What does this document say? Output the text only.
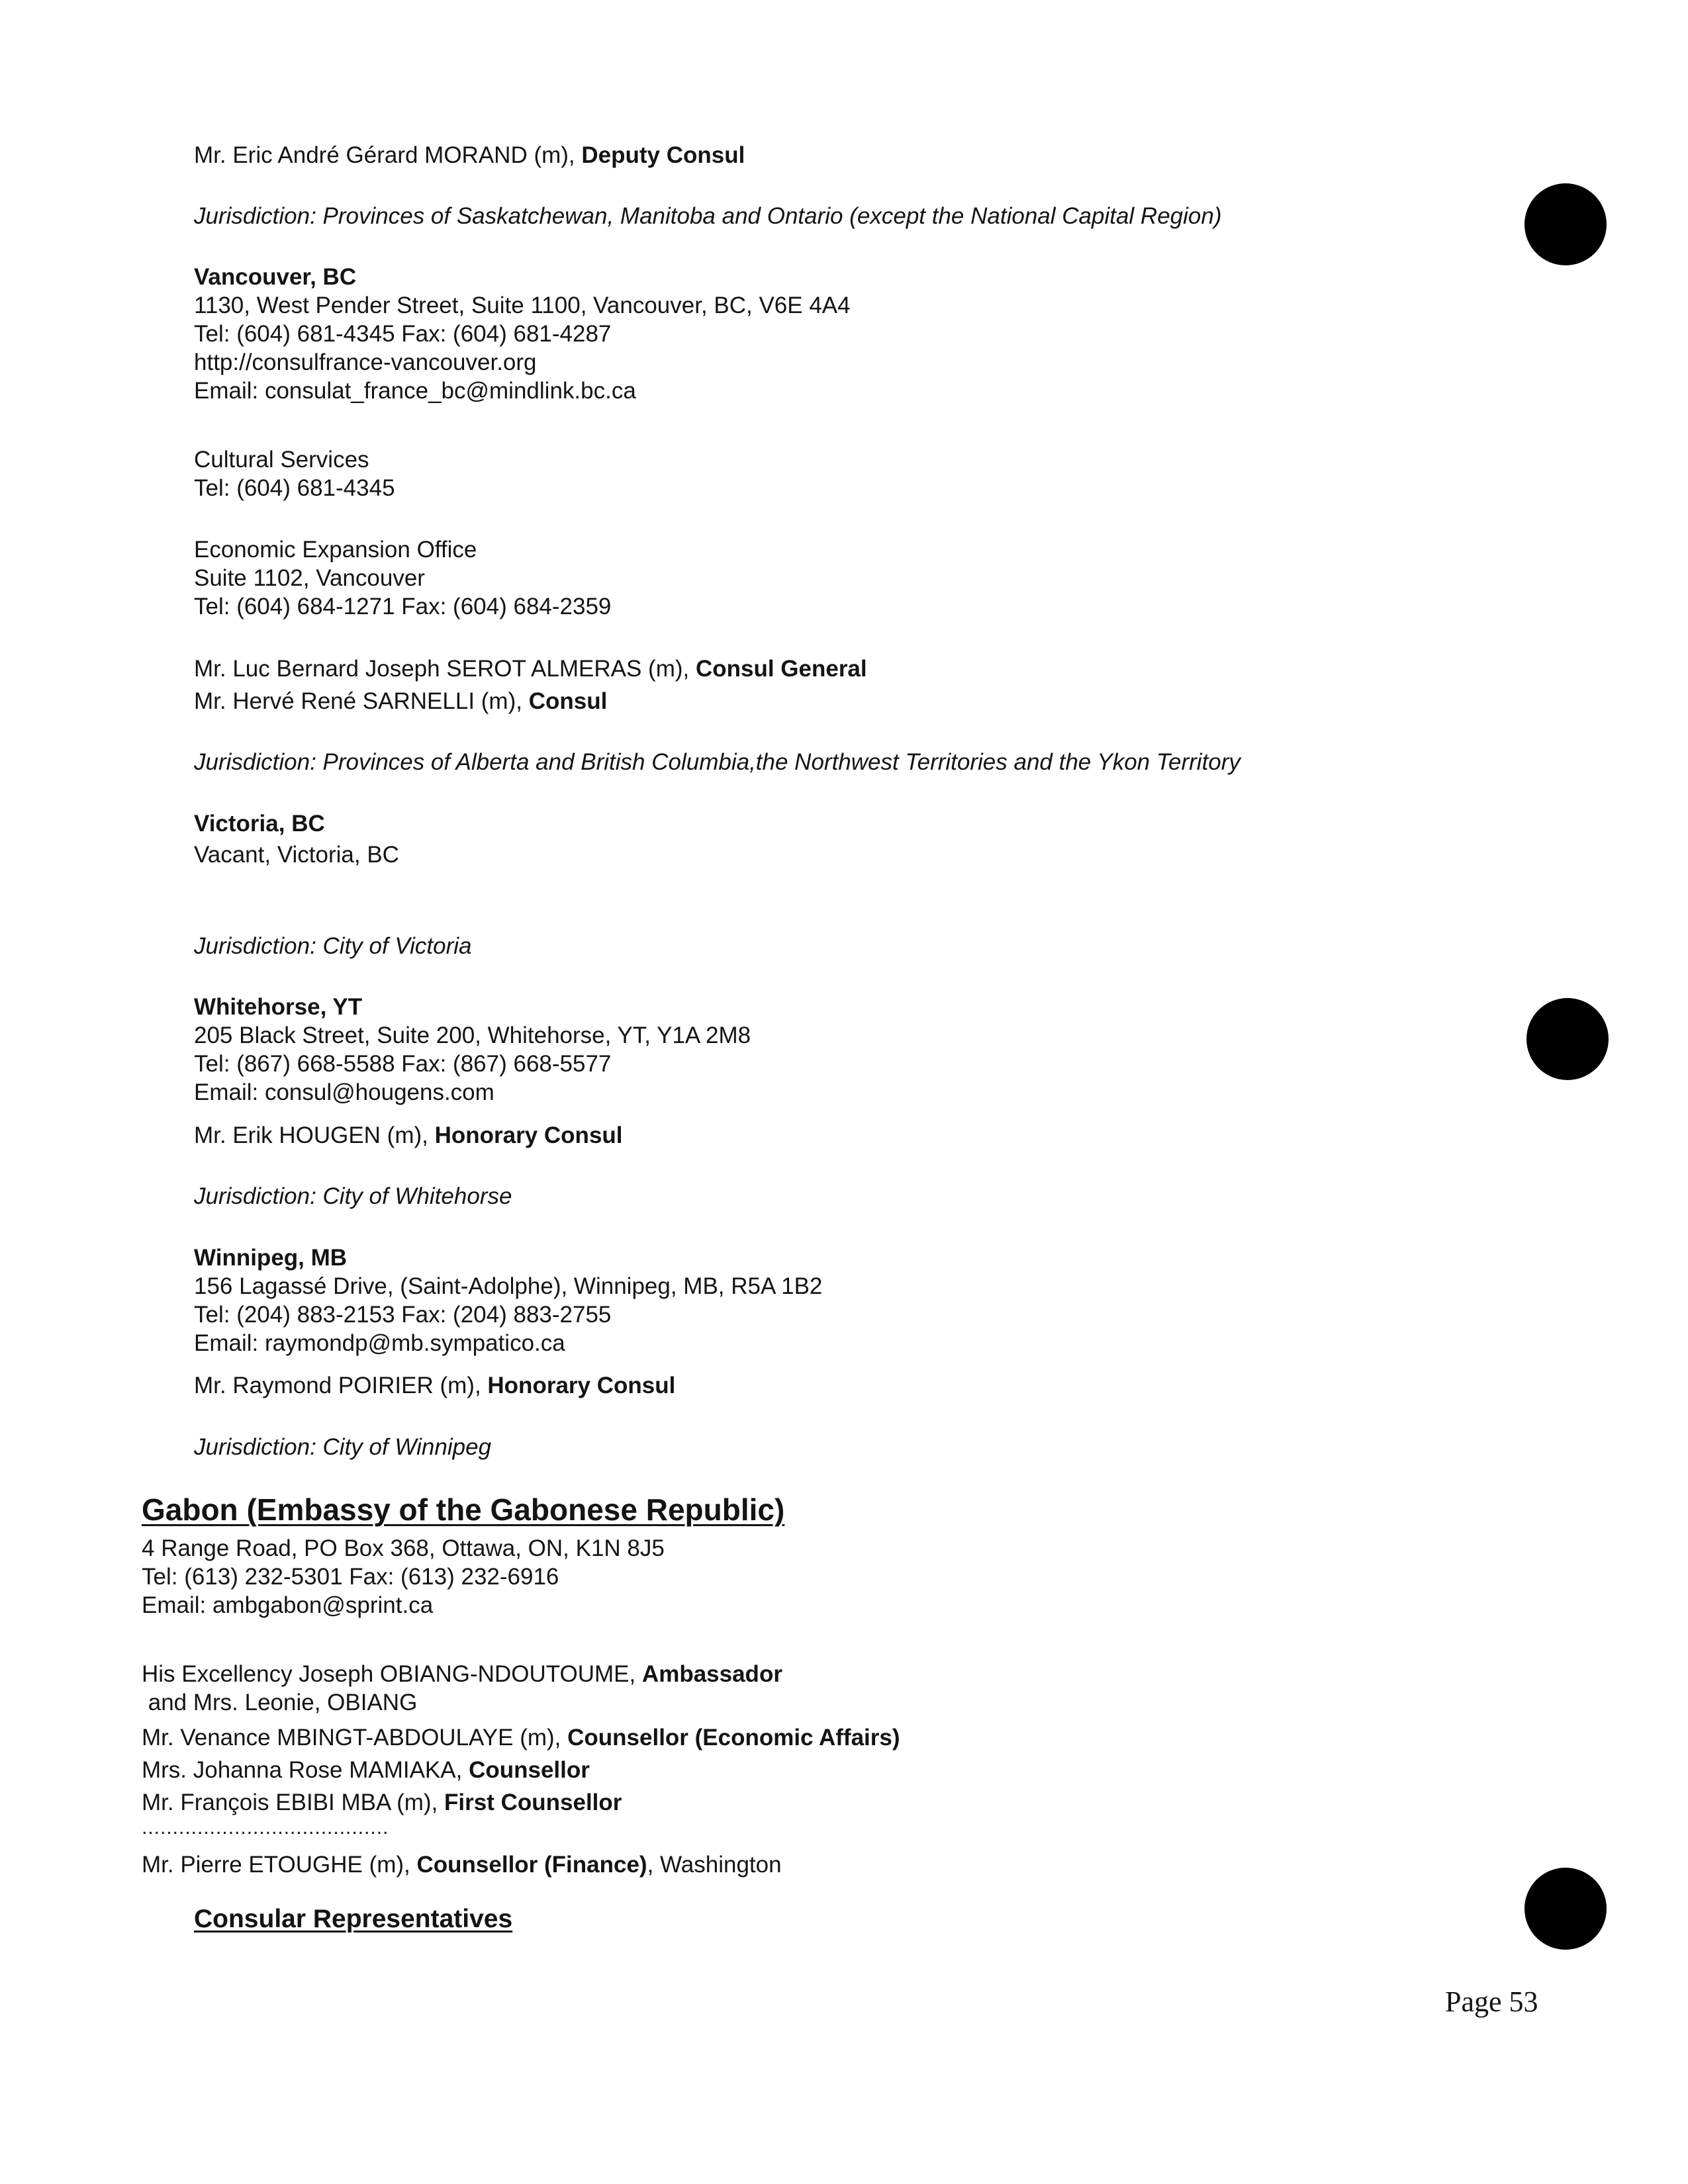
Mr. Eric André Gérard MORAND (m), Deputy Consul
Jurisdiction: Provinces of Saskatchewan, Manitoba and Ontario (except the National Capital Region)
Vancouver, BC
1130, West Pender Street, Suite 1100, Vancouver, BC, V6E 4A4
Tel: (604) 681-4345 Fax: (604) 681-4287
http://consulfrance-vancouver.org
Email: consulat_france_bc@mindlink.bc.ca
Cultural Services
Tel: (604) 681-4345
Economic Expansion Office
Suite 1102, Vancouver
Tel: (604) 684-1271 Fax: (604) 684-2359
Mr. Luc Bernard Joseph SEROT ALMERAS (m), Consul General
Mr. Hervé René SARNELLI (m), Consul
Jurisdiction: Provinces of Alberta and British Columbia,the Northwest Territories and the Ykon Territory
Victoria, BC
Vacant, Victoria, BC
Jurisdiction: City of Victoria
Whitehorse, YT
205 Black Street, Suite 200, Whitehorse, YT, Y1A 2M8
Tel: (867) 668-5588 Fax: (867) 668-5577
Email: consul@hougens.com
Mr. Erik HOUGEN (m), Honorary Consul
Jurisdiction: City of Whitehorse
Winnipeg, MB
156 Lagassé Drive, (Saint-Adolphe), Winnipeg, MB, R5A 1B2
Tel: (204) 883-2153 Fax: (204) 883-2755
Email: raymondp@mb.sympatico.ca
Mr. Raymond POIRIER (m), Honorary Consul
Jurisdiction: City of Winnipeg
Gabon (Embassy of the Gabonese Republic)
4 Range Road, PO Box 368, Ottawa, ON, K1N 8J5
Tel: (613) 232-5301 Fax: (613) 232-6916
Email: ambgabon@sprint.ca
His Excellency Joseph OBIANG-NDOUTOUME, Ambassador
and Mrs. Leonie, OBIANG
Mr. Venance MBINGT-ABDOULAYE (m), Counsellor (Economic Affairs)
Mrs. Johanna Rose MAMIAKA, Counsellor
Mr. François EBIBI MBA (m), First Counsellor
........................................
Mr. Pierre ETOUGHE (m), Counsellor (Finance), Washington
Consular Representatives
Page 53
